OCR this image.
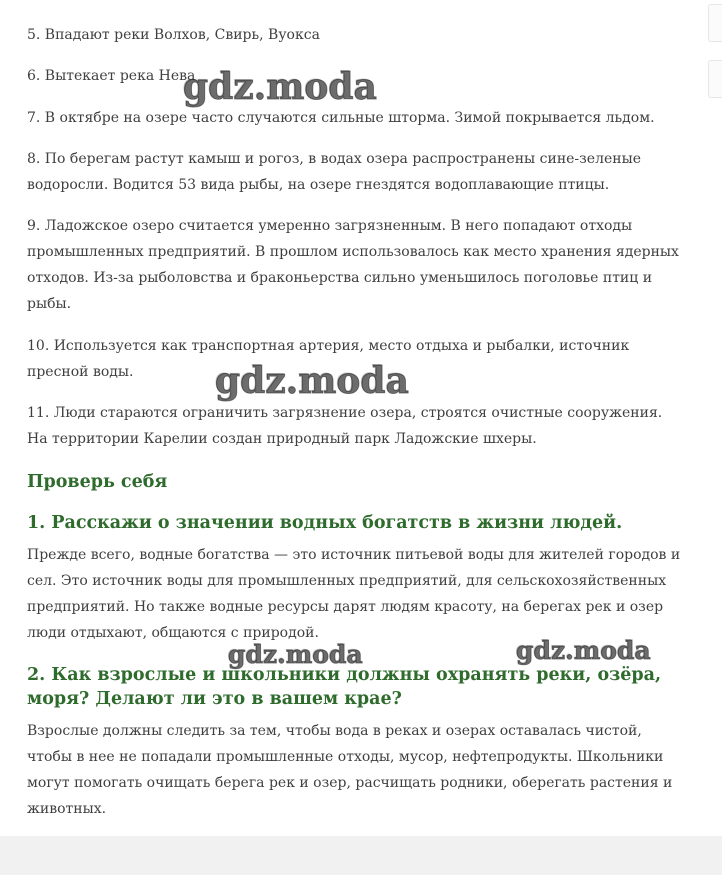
5. Впадают реки Волхов, Свирь, Вуокса

6. Вытекает река Нева

7. В октябре на озере часто случаются сильные шторма. Зимой покрывается льдом.

8. По берегам растут камыш и рогоз, в водах озера распространены сине-зеленые водоросли. Водится 53 вида рыбы, на озере гнездятся водоплавающие птицы.

9. Ладожское озеро считается умеренно загрязненным. В него попадают отходы промышленных предприятий. В прошлом использовалось как место хранения ядерных отходов. Из-за рыболовства и браконьерства сильно уменьшилось поголовье птиц и рыбы.

10. Используется как транспортная артерия, место отдыха и рыбалки, источник пресной воды.

11. Люди стараются ограничить загрязнение озера, строятся очистные сооружения. На территории Карелии создан природный парк Ладожские шхеры.

Проверь себя
1. Расскажи о значении водных богатств в жизни людей.

Прежде всего, водные богатства — это источник питьевой воды для жителей городов и сел. Это источник воды для промышленных предприятий, для сельскохозяйственных предприятий. Но также водные ресурсы дарят людям красоту, на берегах рек и озер люди отдыхают, общаются с природой.

2. Как взрослые и школьники должны охранять реки, озёра, моря? Делают ли это в вашем крае?

Взрослые должны следить за тем, чтобы вода в реках и озерах оставалась чистой, чтобы в нее не попадали промышленные отходы, мусор, нефтепродукты. Школьники могут помогать очищать берега рек и озер, расчищать родники, оберегать растения и животных.

gdz.moda
gdz.moda
gdz.moda	gdz.moda
